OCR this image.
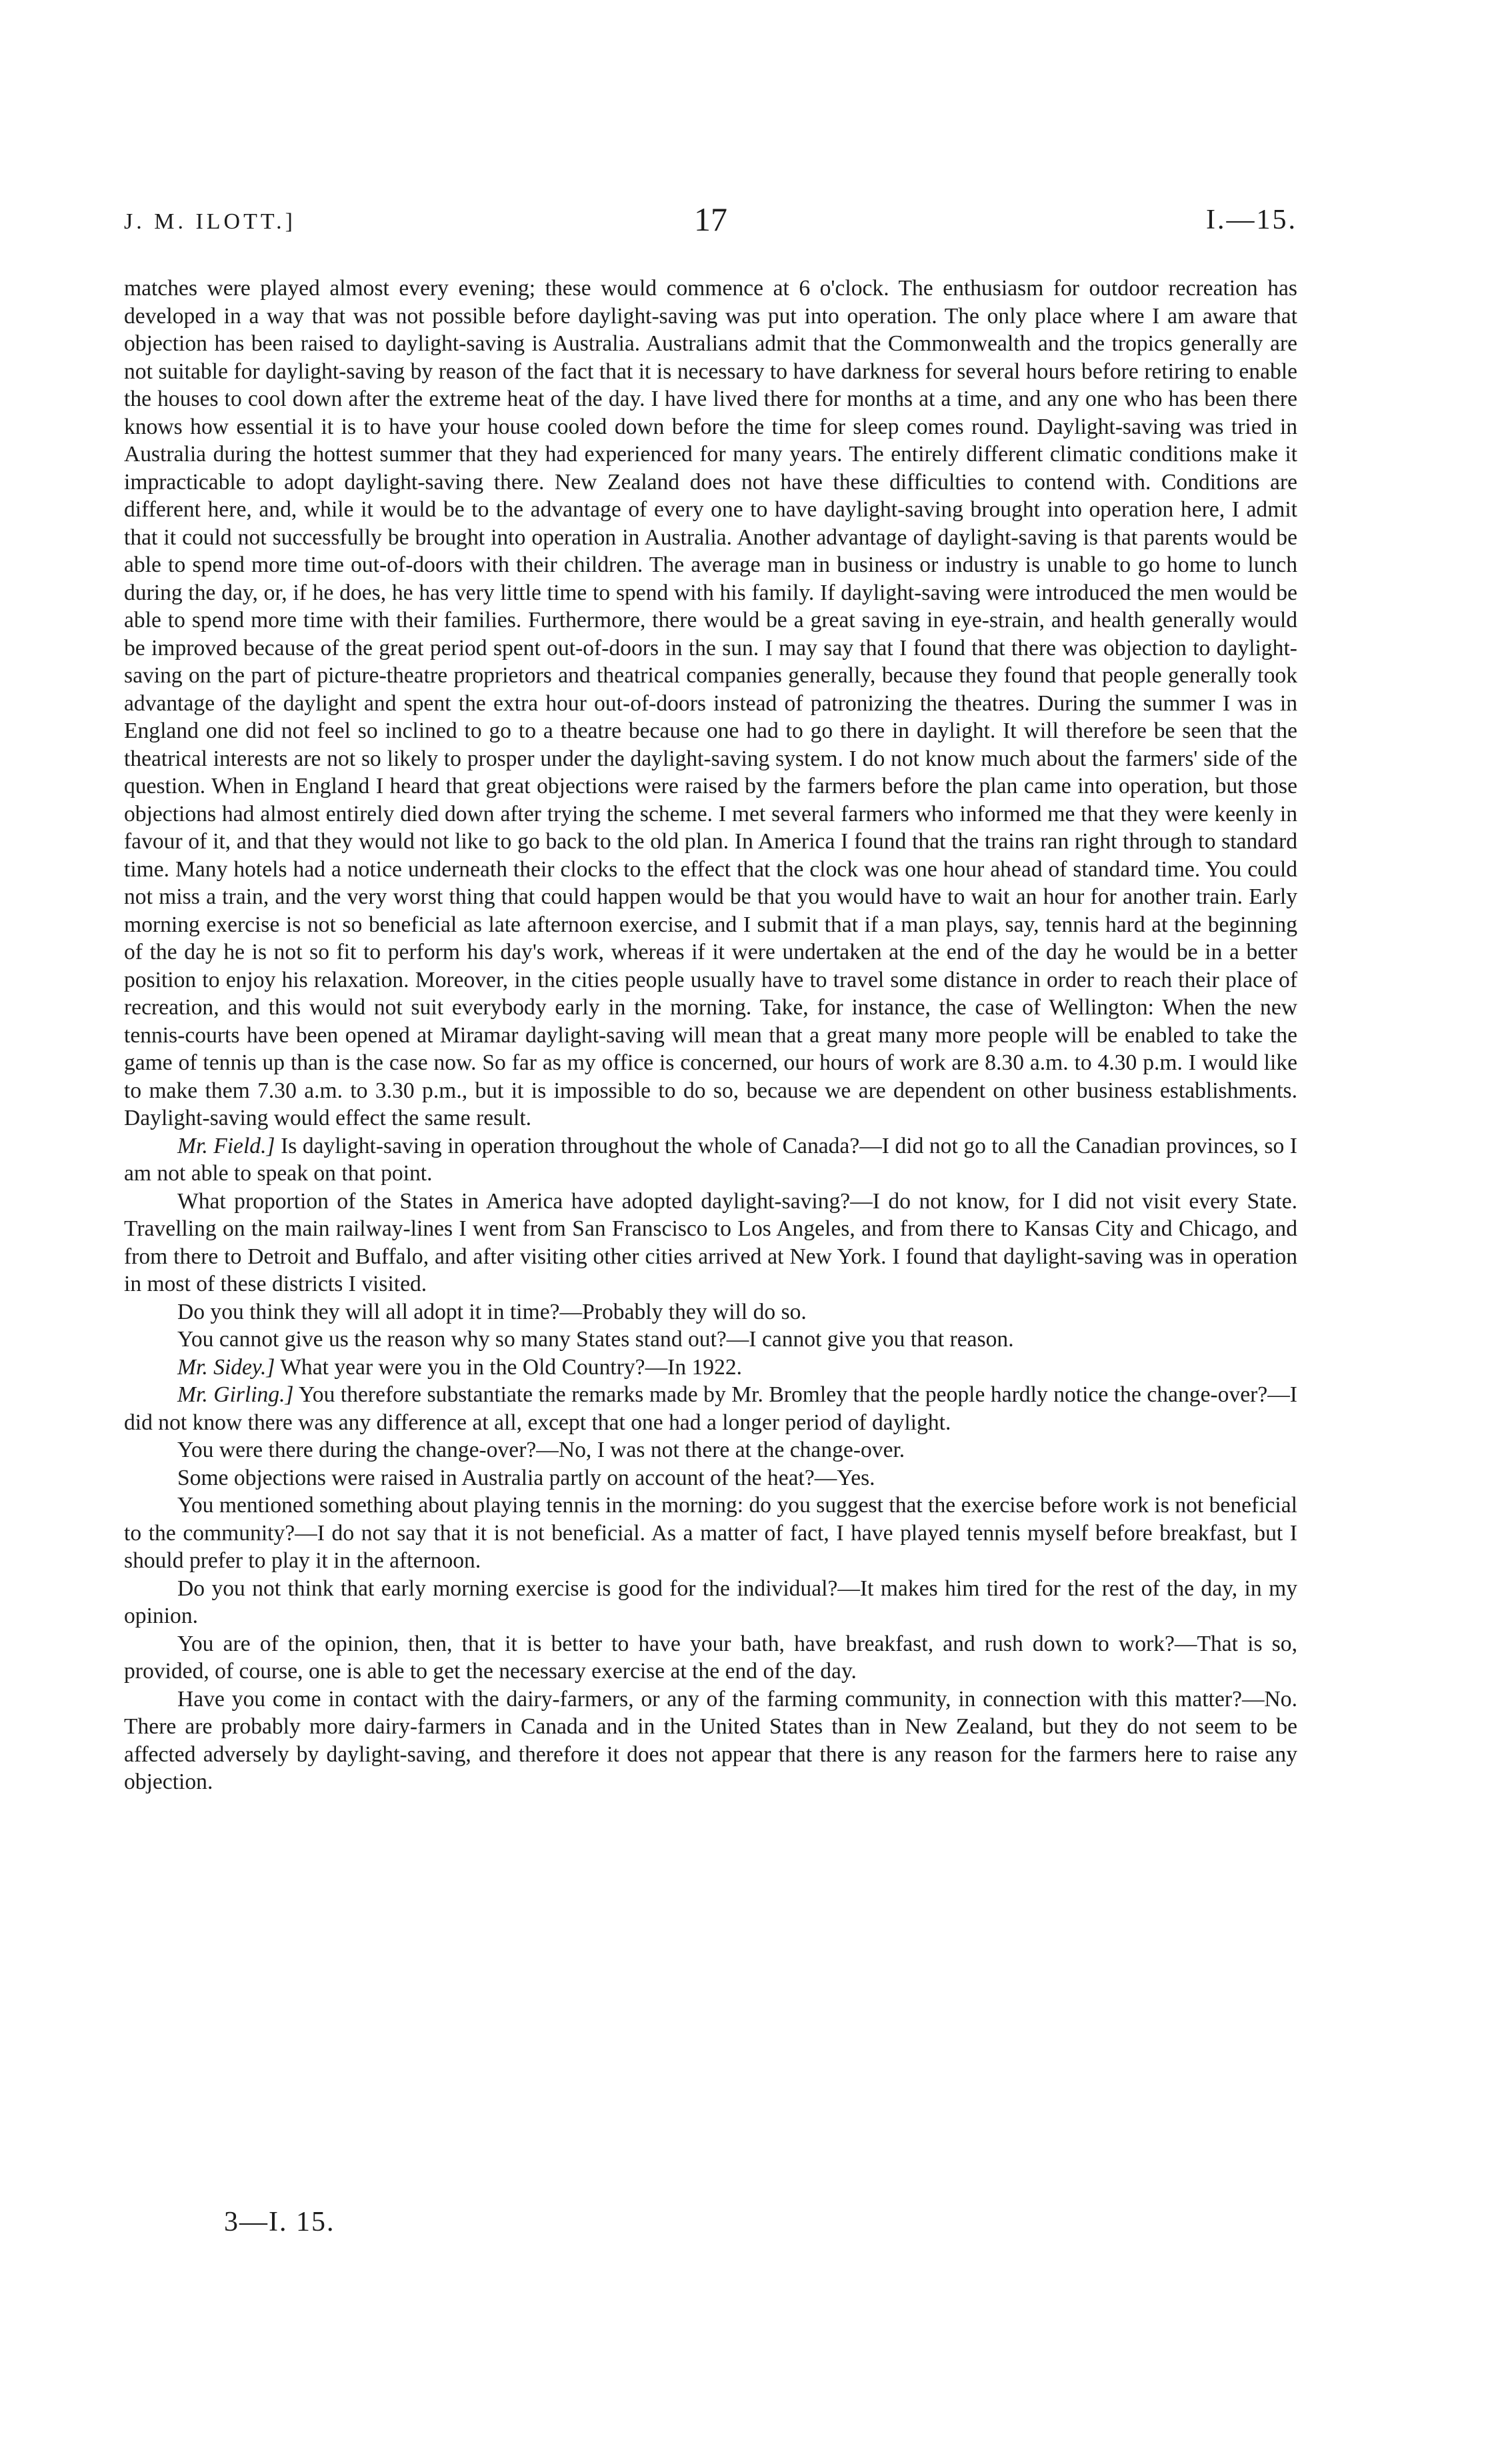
J. M. ILOTT.]	17	I.—15.

matches were played almost every evening; these would commence at 6 o'clock. The enthusiasm for outdoor recreation has developed in a way that was not possible before daylight-saving was put into operation. The only place where I am aware that objection has been raised to daylight-saving is Australia. Australians admit that the Commonwealth and the tropics generally are not suitable for daylight-saving by reason of the fact that it is necessary to have darkness for several hours before retiring to enable the houses to cool down after the extreme heat of the day. I have lived there for months at a time, and any one who has been there knows how essential it is to have your house cooled down before the time for sleep comes round. Daylight-saving was tried in Australia during the hottest summer that they had experienced for many years. The entirely different climatic conditions make it impracticable to adopt daylight-saving there. New Zealand does not have these difficulties to contend with. Conditions are different here, and, while it would be to the advantage of every one to have daylight-saving brought into operation here, I admit that it could not successfully be brought into operation in Australia. Another advantage of daylight-saving is that parents would be able to spend more time out-of-doors with their children. The average man in business or industry is unable to go home to lunch during the day, or, if he does, he has very little time to spend with his family. If daylight-saving were introduced the men would be able to spend more time with their families. Furthermore, there would be a great saving in eye-strain, and health generally would be improved because of the great period spent out-of-doors in the sun. I may say that I found that there was objection to daylight-saving on the part of picture-theatre proprietors and theatrical companies generally, because they found that people generally took advantage of the daylight and spent the extra hour out-of-doors instead of patronizing the theatres. During the summer I was in England one did not feel so inclined to go to a theatre because one had to go there in daylight. It will therefore be seen that the theatrical interests are not so likely to prosper under the daylight-saving system. I do not know much about the farmers' side of the question. When in England I heard that great objections were raised by the farmers before the plan came into operation, but those objections had almost entirely died down after trying the scheme. I met several farmers who informed me that they were keenly in favour of it, and that they would not like to go back to the old plan. In America I found that the trains ran right through to standard time. Many hotels had a notice underneath their clocks to the effect that the clock was one hour ahead of standard time. You could not miss a train, and the very worst thing that could happen would be that you would have to wait an hour for another train. Early morning exercise is not so beneficial as late afternoon exercise, and I submit that if a man plays, say, tennis hard at the beginning of the day he is not so fit to perform his day's work, whereas if it were undertaken at the end of the day he would be in a better position to enjoy his relaxation. Moreover, in the cities people usually have to travel some distance in order to reach their place of recreation, and this would not suit everybody early in the morning. Take, for instance, the case of Wellington: When the new tennis-courts have been opened at Miramar daylight-saving will mean that a great many more people will be enabled to take the game of tennis up than is the case now. So far as my office is concerned, our hours of work are 8.30 a.m. to 4.30 p.m. I would like to make them 7.30 a.m. to 3.30 p.m., but it is impossible to do so, because we are dependent on other business establishments. Daylight-saving would effect the same result.

Mr. Field.] Is daylight-saving in operation throughout the whole of Canada?—I did not go to all the Canadian provinces, so I am not able to speak on that point.

What proportion of the States in America have adopted daylight-saving?—I do not know, for I did not visit every State. Travelling on the main railway-lines I went from San Franscisco to Los Angeles, and from there to Kansas City and Chicago, and from there to Detroit and Buffalo, and after visiting other cities arrived at New York. I found that daylight-saving was in operation in most of these districts I visited.

Do you think they will all adopt it in time?—Probably they will do so.

You cannot give us the reason why so many States stand out?—I cannot give you that reason.

Mr. Sidey.] What year were you in the Old Country?—In 1922.

Mr. Girling.] You therefore substantiate the remarks made by Mr. Bromley that the people hardly notice the change-over?—I did not know there was any difference at all, except that one had a longer period of daylight.

You were there during the change-over?—No, I was not there at the change-over.

Some objections were raised in Australia partly on account of the heat?—Yes.

You mentioned something about playing tennis in the morning: do you suggest that the exercise before work is not beneficial to the community?—I do not say that it is not beneficial. As a matter of fact, I have played tennis myself before breakfast, but I should prefer to play it in the afternoon.

Do you not think that early morning exercise is good for the individual?—It makes him tired for the rest of the day, in my opinion.

You are of the opinion, then, that it is better to have your bath, have breakfast, and rush down to work?—That is so, provided, of course, one is able to get the necessary exercise at the end of the day.

Have you come in contact with the dairy-farmers, or any of the farming community, in connection with this matter?—No. There are probably more dairy-farmers in Canada and in the United States than in New Zealand, but they do not seem to be affected adversely by daylight-saving, and therefore it does not appear that there is any reason for the farmers here to raise any objection.

3—I. 15.
